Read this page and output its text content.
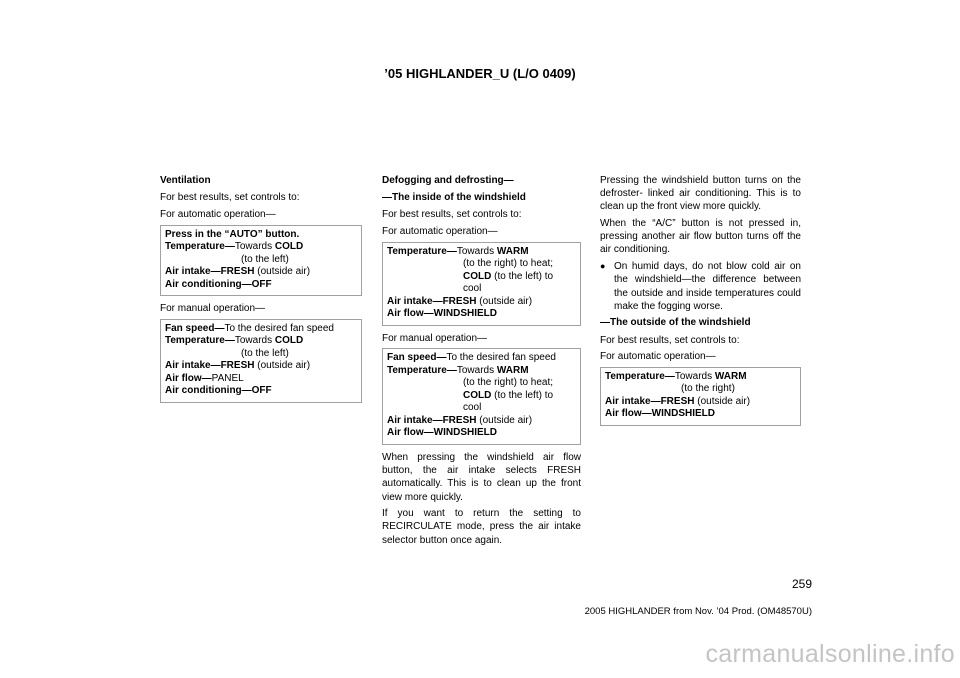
’05 HIGHLANDER_U (L/O 0409)

Ventilation

For best results, set controls to:

For automatic operation—

Press in the “AUTO” button.
Temperature—Towards COLD
(to the left)
Air intake—FRESH (outside air)
Air conditioning—OFF

For manual operation—

Fan speed—To the desired fan speed
Temperature—Towards COLD
(to the left)
Air intake—FRESH (outside air)
Air flow—PANEL
Air conditioning—OFF

Defogging and defrosting—

—The inside of the windshield

For best results, set controls to:

For automatic operation—

Temperature—Towards WARM
(to the right) to heat;
COLD (to the left) to
cool
Air intake—FRESH (outside air)
Air flow—WINDSHIELD

For manual operation—

Fan speed—To the desired fan speed
Temperature—Towards WARM
(to the right) to heat;
COLD (to the left) to
cool
Air intake—FRESH (outside air)
Air flow—WINDSHIELD

When pressing the windshield air flow button, the air intake selects FRESH automatically. This is to clean up the front view more quickly.

If you want to return the setting to RECIRCULATE mode, press the air intake selector button once again.

Pressing the windshield button turns on the defroster- linked air conditioning. This is to clean up the front view more quickly.

When the “A/C” button is not pressed in, pressing another air flow button turns off the air conditioning.

● On humid days, do not blow cold air on the windshield—the difference between the outside and inside temperatures could make the fogging worse.

—The outside of the windshield

For best results, set controls to:

For automatic operation—

Temperature—Towards WARM
(to the right)
Air intake—FRESH (outside air)
Air flow—WINDSHIELD
259
2005 HIGHLANDER from Nov. ’04 Prod. (OM48570U)
carmanualsonline.info
